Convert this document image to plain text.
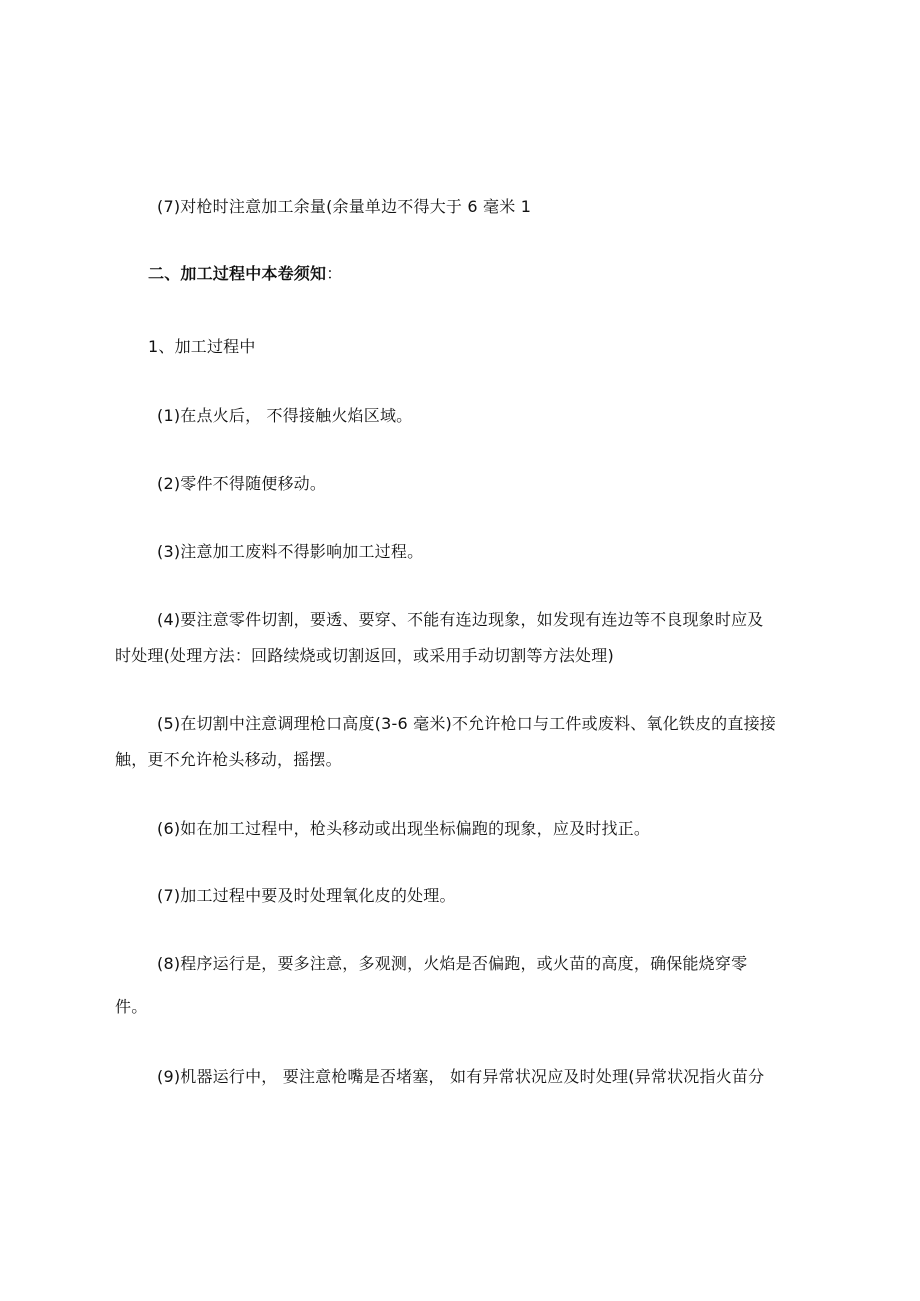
(7)对枪时注意加工余量(余量单边不得大于 6 毫米 1
二、加工过程中本卷须知：
1、加工过程中
(1)在点火后， 不得接触火焰区域。
(2)零件不得随便移动。
(3)注意加工废料不得影响加工过程。
(4)要注意零件切割，要透、要穿、不能有连边现象，如发现有连边等不良现象时应及
时处理(处理方法：回路续烧或切割返回，或采用手动切割等方法处理)
(5)在切割中注意调理枪口高度(3-6 毫米)不允许枪口与工件或废料、氧化铁皮的直接接
触，更不允许枪头移动，摇摆。
(6)如在加工过程中，枪头移动或出现坐标偏跑的现象，应及时找正。
(7)加工过程中要及时处理氧化皮的处理。
(8)程序运行是，要多注意，多观测，火焰是否偏跑，或火苗的高度，确保能烧穿零
件。
(9)机器运行中， 要注意枪嘴是否堵塞， 如有异常状况应及时处理(异常状况指火苗分
